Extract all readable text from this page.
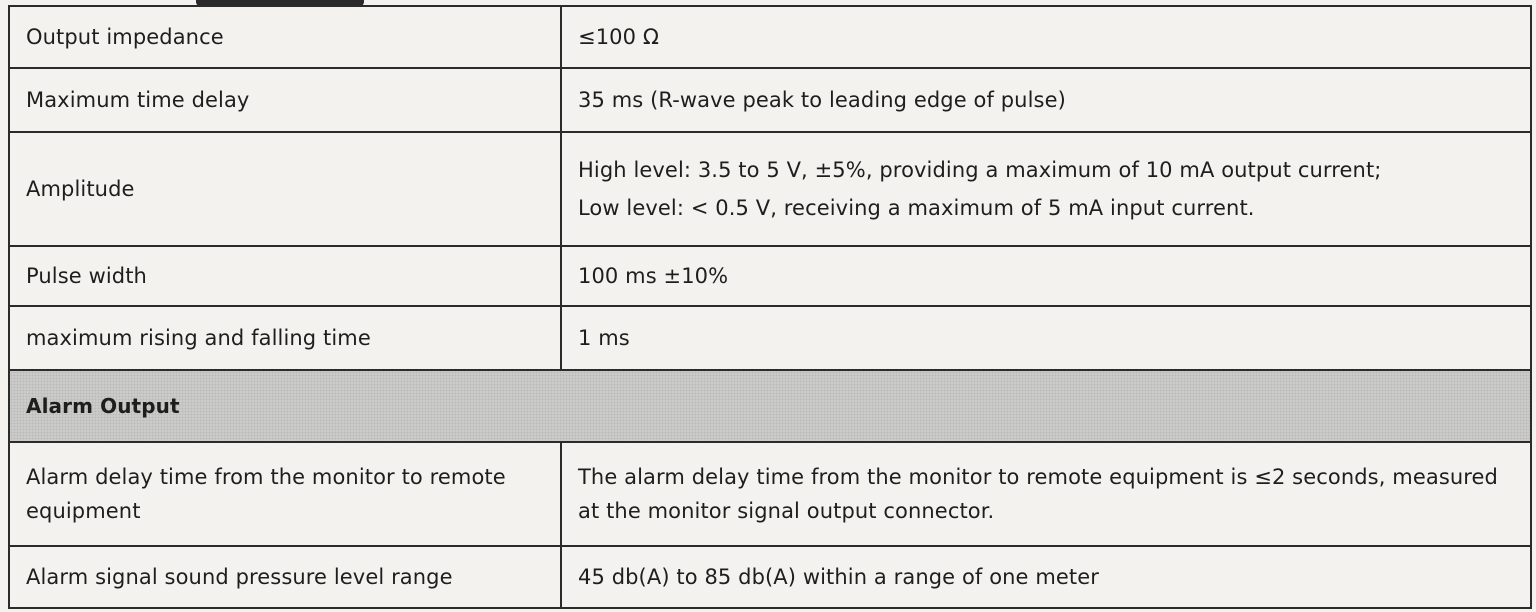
Output impedance	≤100 Ω
Maximum time delay	35 ms (R-wave peak to leading edge of pulse)
Amplitude	High level: 3.5 to 5 V, ±5%, providing a maximum of 10 mA output current;
Low level: < 0.5 V, receiving a maximum of 5 mA input current.

Pulse width	100 ms ±10%
maximum rising and falling time	1 ms
Alarm Output	
Alarm delay time from the monitor to remote equipment	The alarm delay time from the monitor to remote equipment is ≤2 seconds, measured at the monitor signal output connector.
Alarm signal sound pressure level range	45 db(A) to 85 db(A) within a range of one meter
